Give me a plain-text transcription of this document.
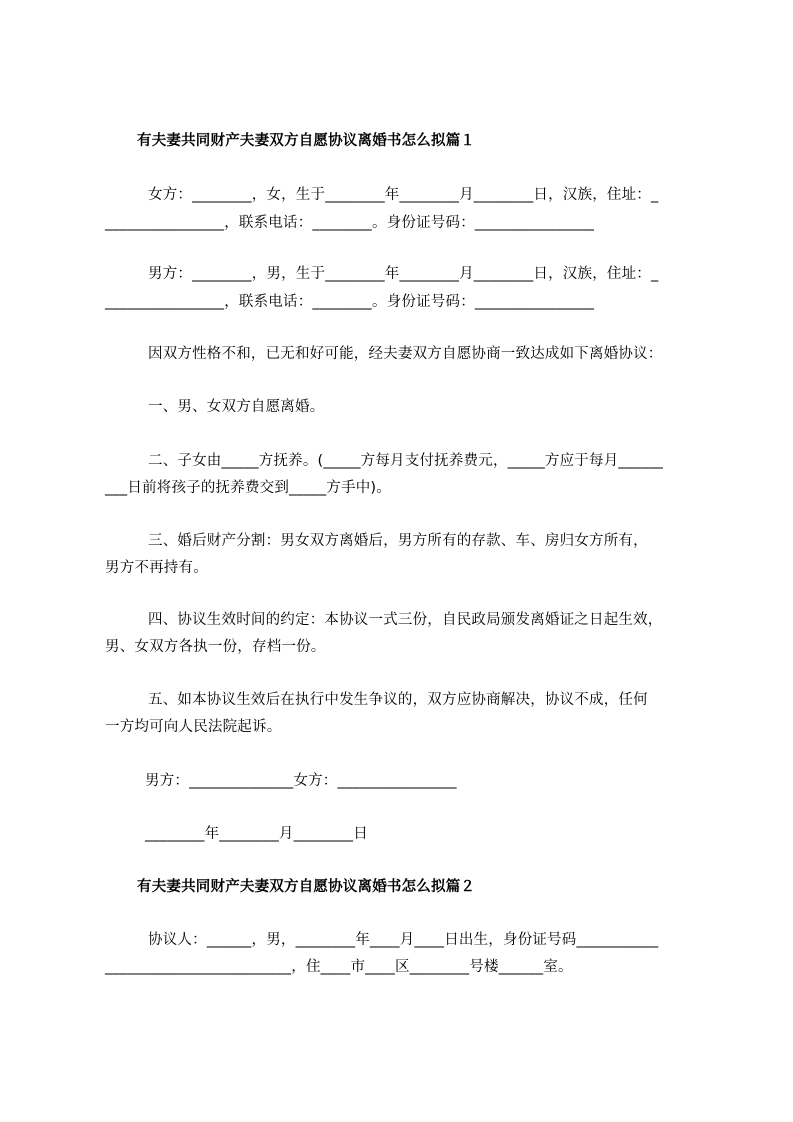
有夫妻共同财产夫妻双方自愿协议离婚书怎么拟篇１
女方：________，女，生于________年________月________日，汉族，住址：_
________________，联系电话：________。身份证号码：________________
男方：________，男，生于________年________月________日，汉族，住址：_
________________，联系电话：________。身份证号码：________________
因双方性格不和，已无和好可能，经夫妻双方自愿协商一致达成如下离婚协议：
一、男、女双方自愿离婚。
二、子女由_____方抚养。(_____方每月支付抚养费元，_____方应于每月______
___日前将孩子的抚养费交到_____方手中)。
三、婚后财产分割：男女双方离婚后，男方所有的存款、车、房归女方所有，
男方不再持有。
四、协议生效时间的约定：本协议一式三份，自民政局颁发离婚证之日起生效，
男、女双方各执一份，存档一份。
五、如本协议生效后在执行中发生争议的，双方应协商解决，协议不成，任何
一方均可向人民法院起诉。
男方：______________女方：________________
________年________月________日
有夫妻共同财产夫妻双方自愿协议离婚书怎么拟篇２
协议人：______，男，________年____月____日出生，身份证号码___________
_________________________，住____市____区________号楼______室。
